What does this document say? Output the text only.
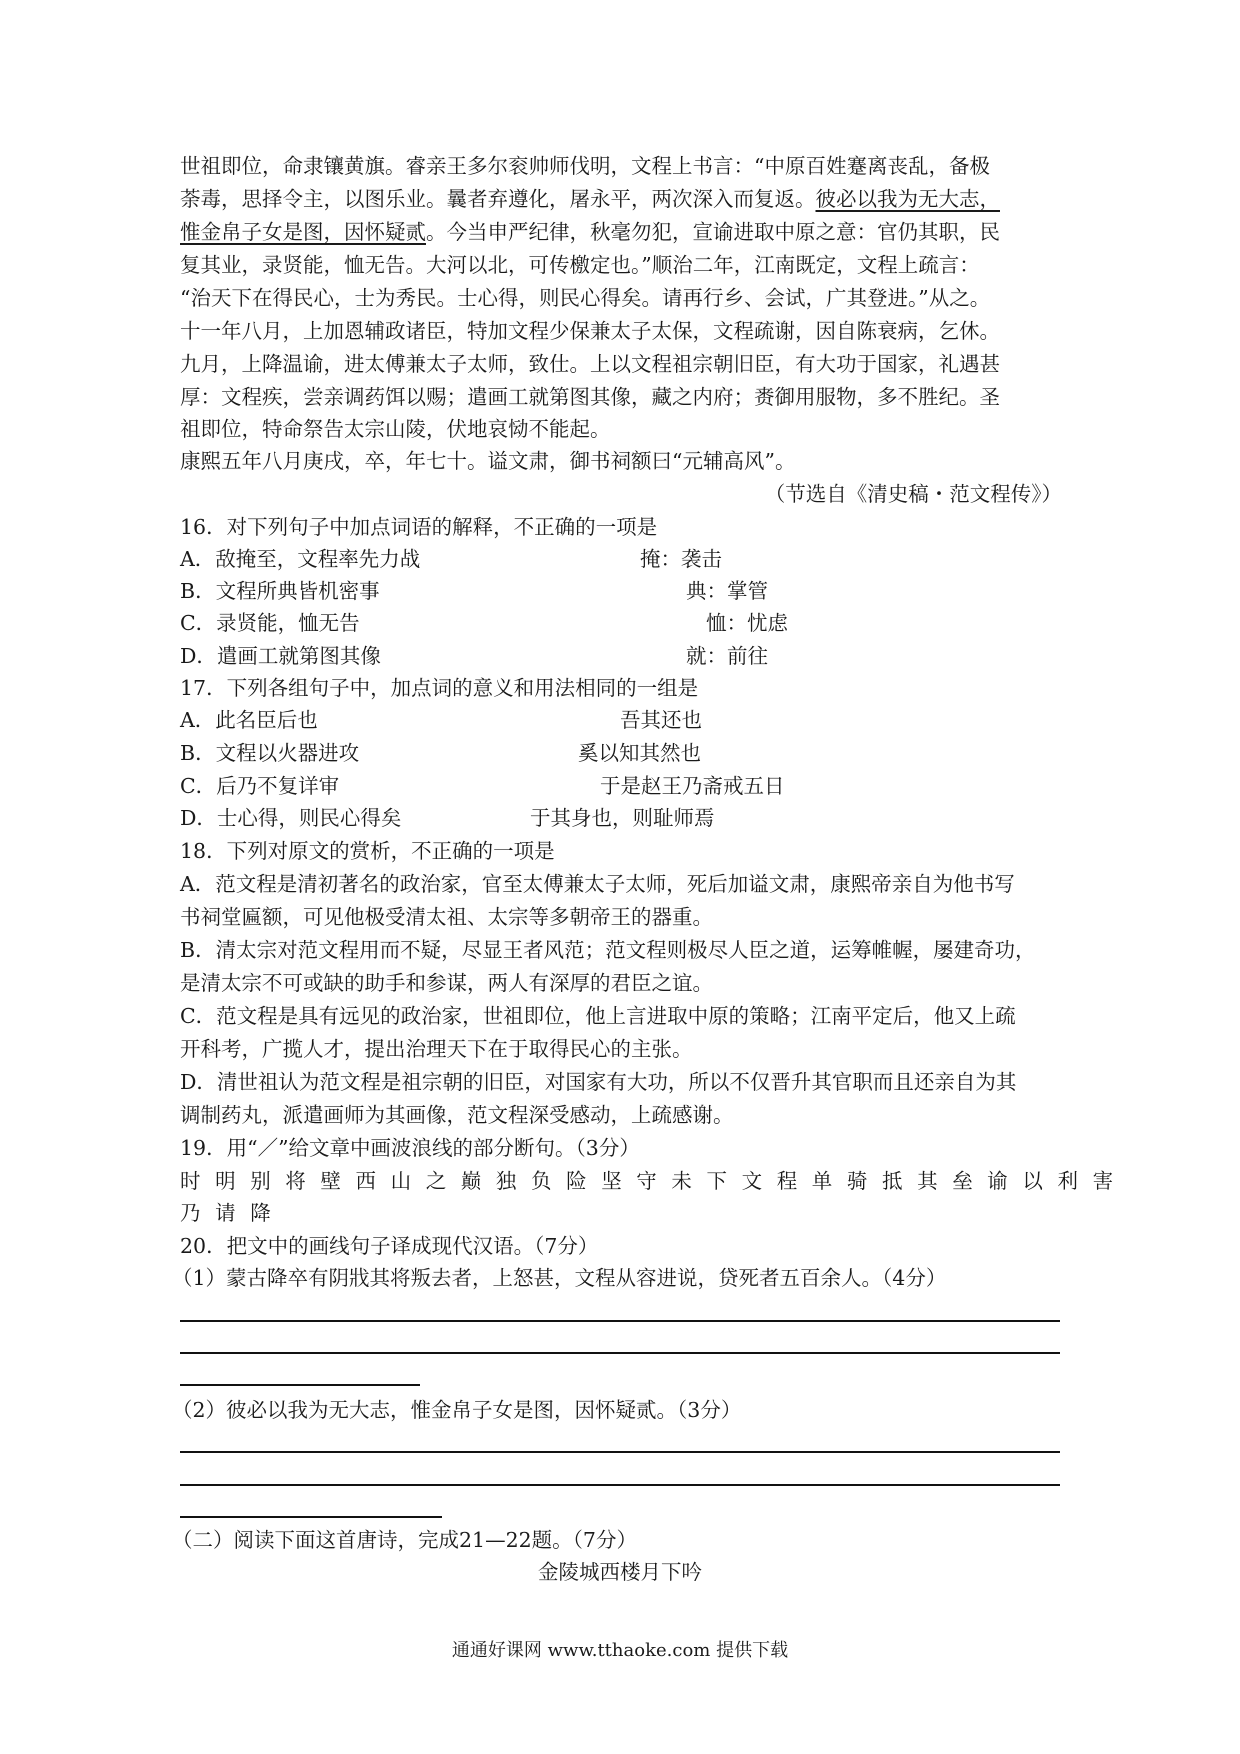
世祖即位，命隶镶黄旗。睿亲王多尔衮帅师伐明，文程上书言：“中原百姓蹇离丧乱，备极
荼毒，思择令主，以图乐业。曩者弃遵化，屠永平，两次深入而复返。彼必以我为无大志，
惟金帛子女是图，因怀疑贰。今当申严纪律，秋毫勿犯，宣谕进取中原之意：官仍其职，民
复其业，录贤能，恤无告。大河以北，可传檄定也。”顺治二年，江南既定，文程上疏言：
“治天下在得民心，士为秀民。士心得，则民心得矣。请再行乡、会试，广其登进。”从之。
十一年八月，上加恩辅政诸臣，特加文程少保兼太子太保，文程疏谢，因自陈衰病，乞休。
九月，上降温谕，进太傅兼太子太师，致仕。上以文程祖宗朝旧臣，有大功于国家，礼遇甚
厚：文程疾，尝亲调药饵以赐；遣画工就第图其像，藏之内府；赉御用服物，多不胜纪。圣
祖即位，特命祭告太宗山陵，伏地哀恸不能起。
康熙五年八月庚戌，卒，年七十。谥文肃，御书祠额曰“元辅高风”。
（节选自《清史稿・范文程传》）
16．对下列句子中加点词语的解释，不正确的一项是
A．敌掩至，文程率先力战	掩：袭击
B．文程所典皆机密事	典：掌管
C．录贤能，恤无告	恤：忧虑
D．遣画工就第图其像	就：前往
17．下列各组句子中，加点词的意义和用法相同的一组是
A．此名臣后也	吾其还也
B．文程以火器进攻	奚以知其然也
C．后乃不复详审	于是赵王乃斋戒五日
D．士心得，则民心得矣	于其身也，则耻师焉
18．下列对原文的赏析，不正确的一项是
A．范文程是清初著名的政治家，官至太傅兼太子太师，死后加谥文肃，康熙帝亲自为他书写
书祠堂匾额，可见他极受清太祖、太宗等多朝帝王的器重。
B．清太宗对范文程用而不疑，尽显王者风范；范文程则极尽人臣之道，运筹帷幄，屡建奇功，
是清太宗不可或缺的助手和参谋，两人有深厚的君臣之谊。
C．范文程是具有远见的政治家，世祖即位，他上言进取中原的策略；江南平定后，他又上疏
开科考，广揽人才，提出治理天下在于取得民心的主张。
D．清世祖认为范文程是祖宗朝的旧臣，对国家有大功，所以不仅晋升其官职而且还亲自为其
调制药丸，派遣画师为其画像，范文程深受感动，上疏感谢。
19．用“／”给文章中画波浪线的部分断句。（3分）
时明别将壁西山之巅独负险坚守未下文程单骑抵其垒谕以利害
乃请降
20．把文中的画线句子译成现代汉语。（7分）
（1）蒙古降卒有阴戕其将叛去者，上怒甚，文程从容进说，贷死者五百余人。（4分）
（2）彼必以我为无大志，惟金帛子女是图，因怀疑贰。（3分）
（二）阅读下面这首唐诗，完成21—22题。（7分）
金陵城西楼月下吟
通通好课网 www.tthaoke.com 提供下载
